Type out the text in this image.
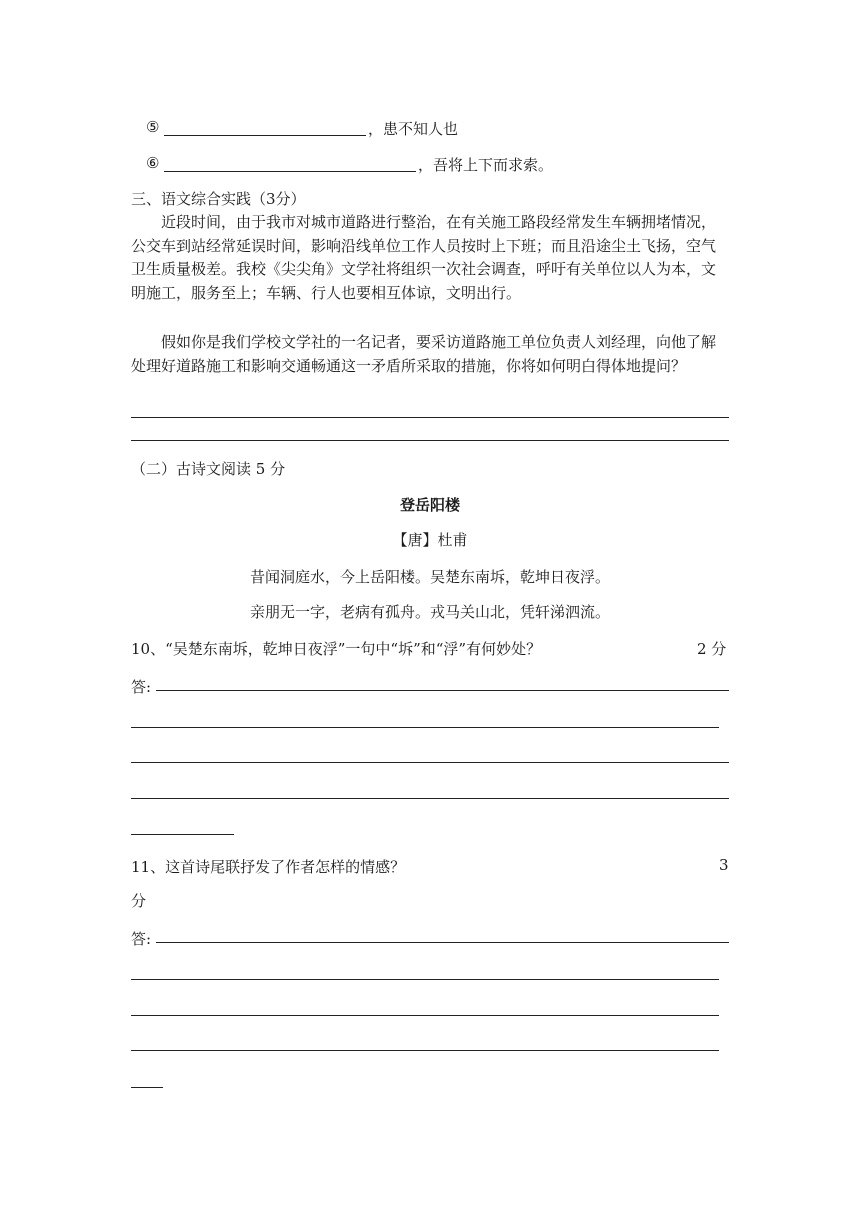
⑤	，患不知人也
⑥	，吾将上下而求索。
三、语文综合实践（3分）
近段时间，由于我市对城市道路进行整治，在有关施工路段经常发生车辆拥堵情况，公交车到站经常延误时间，影响沿线单位工作人员按时上下班；而且沿途尘土飞扬，空气卫生质量极差。我校《尖尖角》文学社将组织一次社会调查，呼吁有关单位以人为本，文明施工，服务至上；车辆、行人也要相互体谅，文明出行。
假如你是我们学校文学社的一名记者，要采访道路施工单位负责人刘经理，向他了解处理好道路施工和影响交通畅通这一矛盾所采取的措施，你将如何明白得体地提问？
（二）古诗文阅读 5 分
登岳阳楼
【唐】杜甫
昔闻洞庭水，今上岳阳楼。吴楚东南坼，乾坤日夜浮。
亲朋无一字，老病有孤舟。戎马关山北，凭轩涕泗流。
10、“吴楚东南坼，乾坤日夜浮”一句中“坼”和“浮”有何妙处？	2 分
答:
11、这首诗尾联抒发了作者怎样的情感？	3
分
答:
